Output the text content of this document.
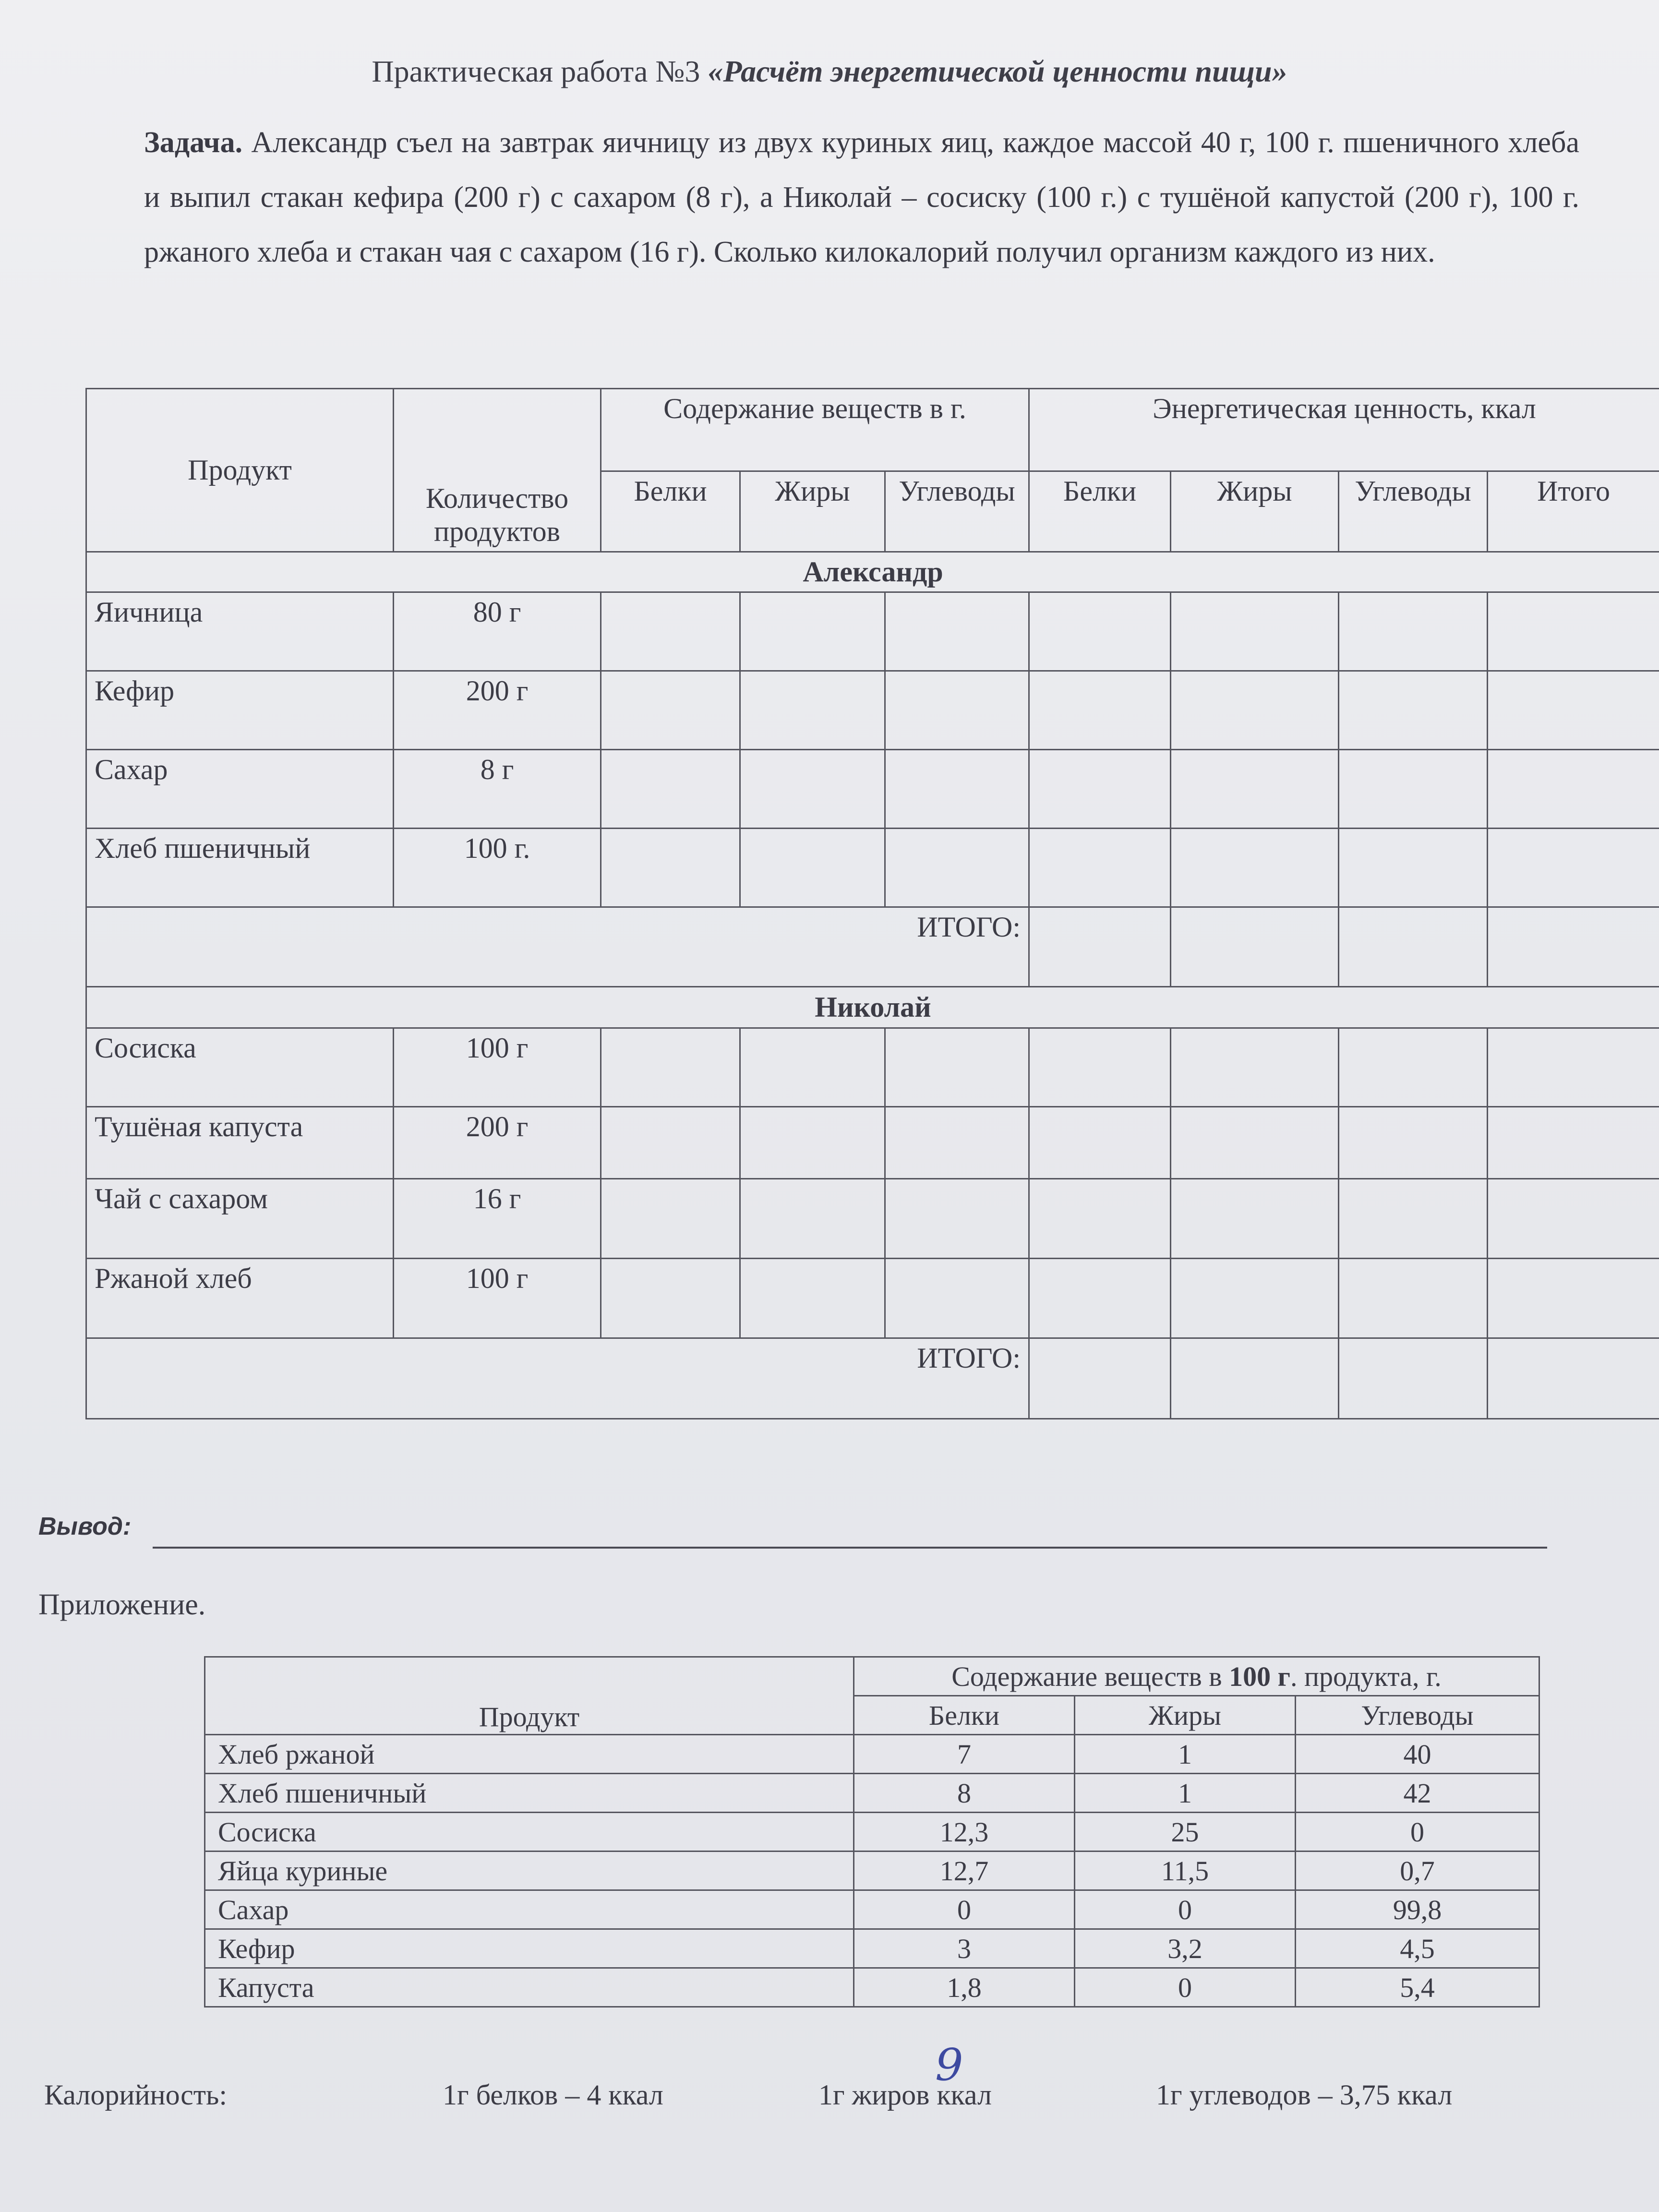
Практическая работа №3 «Расчёт энергетической ценности пищи»
Задача. Александр съел на завтрак яичницу из двух куриных яиц, каждое массой 40 г, 100 г. пшеничного хлеба и выпил стакан кефира (200 г) с сахаром (8 г), а Николай – сосиску (100 г.) с тушёной капустой (200 г), 100 г. ржаного хлеба и стакан чая с сахаром (16 г). Сколько килокалорий получил организм каждого из них.
Продукт	Количество продуктов	Содержание веществ в г.			Энергетическая ценность, ккал			
		Белки	Жиры	Углеводы	Белки	Жиры	Углеводы	Итого
Александр								
Яичница	80 г							
Кефир	200 г							
Сахар	8 г							
Хлеб пшеничный	100 г.							
ИТОГО:								
Николай								
Сосиска	100 г							
Тушёная капуста	200 г							
Чай с сахаром	16 г							
Ржаной хлеб	100 г							
ИТОГО:								
Вывод:
Приложение.
Продукт	Содержание веществ в 100 г. продукта, г.		
	Белки	Жиры	Углеводы
Хлеб ржаной	7	1	40
Хлеб пшеничный	8	1	42
Сосиска	12,3	25	0
Яйца куриные	12,7	11,5	0,7
Сахар	0	0	99,8
Кефир	3	3,2	4,5
Капуста	1,8	0	5,4
9
Калорийность:	1г белков – 4 ккал	1г жиров ккал	1г углеводов – 3,75 ккал
